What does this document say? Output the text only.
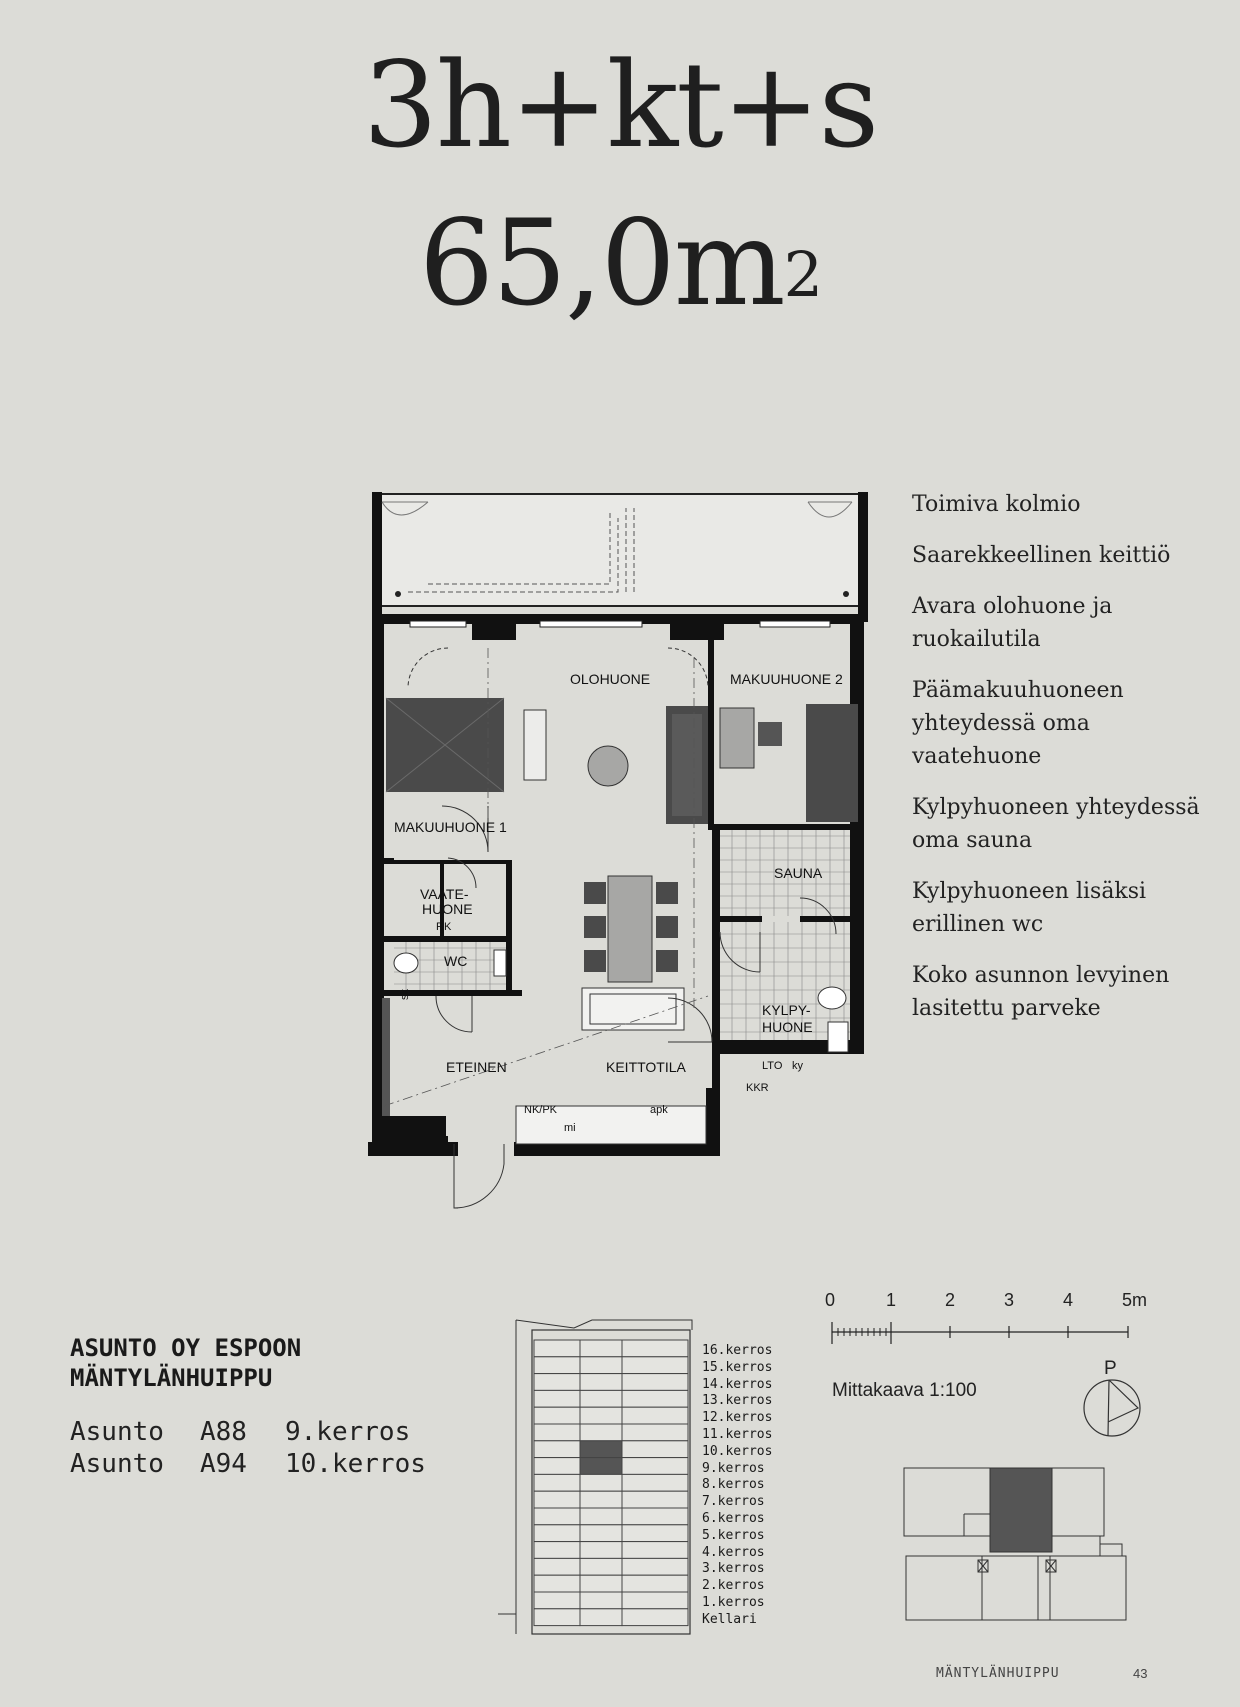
3h+kt+s
$65,0m^2$
OLOHUONE	MAKUUHUONE 2
MAKUUHUONE 1
VAATE-
HUONE
RK
WC
SAUNA
KYLPY-
HUONE
ETEINEN	KEITTOTILA
sk
NK/PK
mi
apk
LTO ky
KKR
Toimiva kolmio
Saarekkeellinen keittiö
Avara olohuone ja ruokailutila
Päämakuuhuoneen yhteydessä oma vaatehuone
Kylpyhuoneen yhteydessä oma sauna
Kylpyhuoneen lisäksi erillinen wc
Koko asunnon levyinen lasitettu parveke
ASUNTO OY ESPOON
MÄNTYLÄNHUIPPU
Asunto A88 9.kerros
Asunto A94 10.kerros
16.kerros
15.kerros
14.kerros
13.kerros
12.kerros
11.kerros
10.kerros
9.kerros
8.kerros
7.kerros
6.kerros
5.kerros
4.kerros
3.kerros
2.kerros
1.kerros
Kellari
0	1	2	3	4	5m
Mittakaava 1:100
P
MÄNTYLÄNHUIPPU	43
